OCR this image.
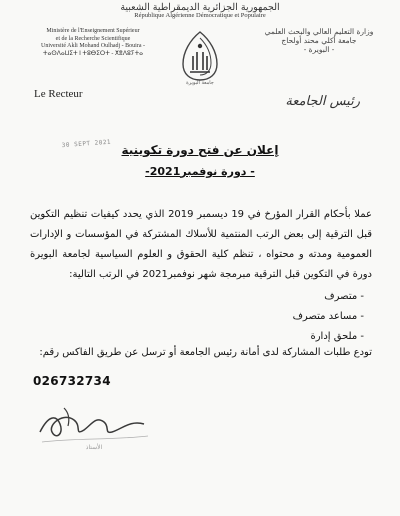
الجمهورية الجزائرية الديمقراطية الشعبية
République Algérienne Démocratique et Populaire
Ministère de l'Enseignement Supérieur
et de la Recherche Scientifique
Université Akli Mohand Oulhadj - Bouira -
ⵜⴰⵙⴷⴰⵡⵉⵜ ⵏ ⵜⵓⴱⵉⵔⵜ - ⵅⴻⴷⵓⵢⵜⴰ
وزارة التعليم العالي والبحث العلمي
جامعة أكلي محند أولحاج
- البويرة -
جامعة البويرة
Le Recteur	رئيس الجامعة
30 SEPT 2021 إعلان عن فتح دورة تكوينية
- دورة نوفمبر2021-
عملا بأحكام القرار المؤرخ في 19 ديسمبر 2019 الذي يحدد كيفيات تنظيم التكوين قبل الترقية إلى بعض الرتب المنتمية للأسلاك المشتركة في المؤسسات و الإدارات العمومية ومدته و محتواه ، تنظم كلية الحقوق و العلوم السياسية لجامعة البويرة دورة في التكوين قبل الترقية مبرمجة شهر نوفمبر2021 في الرتب التالية:
- متصرف
- مساعد متصرف
- ملحق إدارة
تودع طلبات المشاركة لدى أمانة رئيس الجامعة أو ترسل عن طريق الفاكس رقم:
026732734
الأستاذ
